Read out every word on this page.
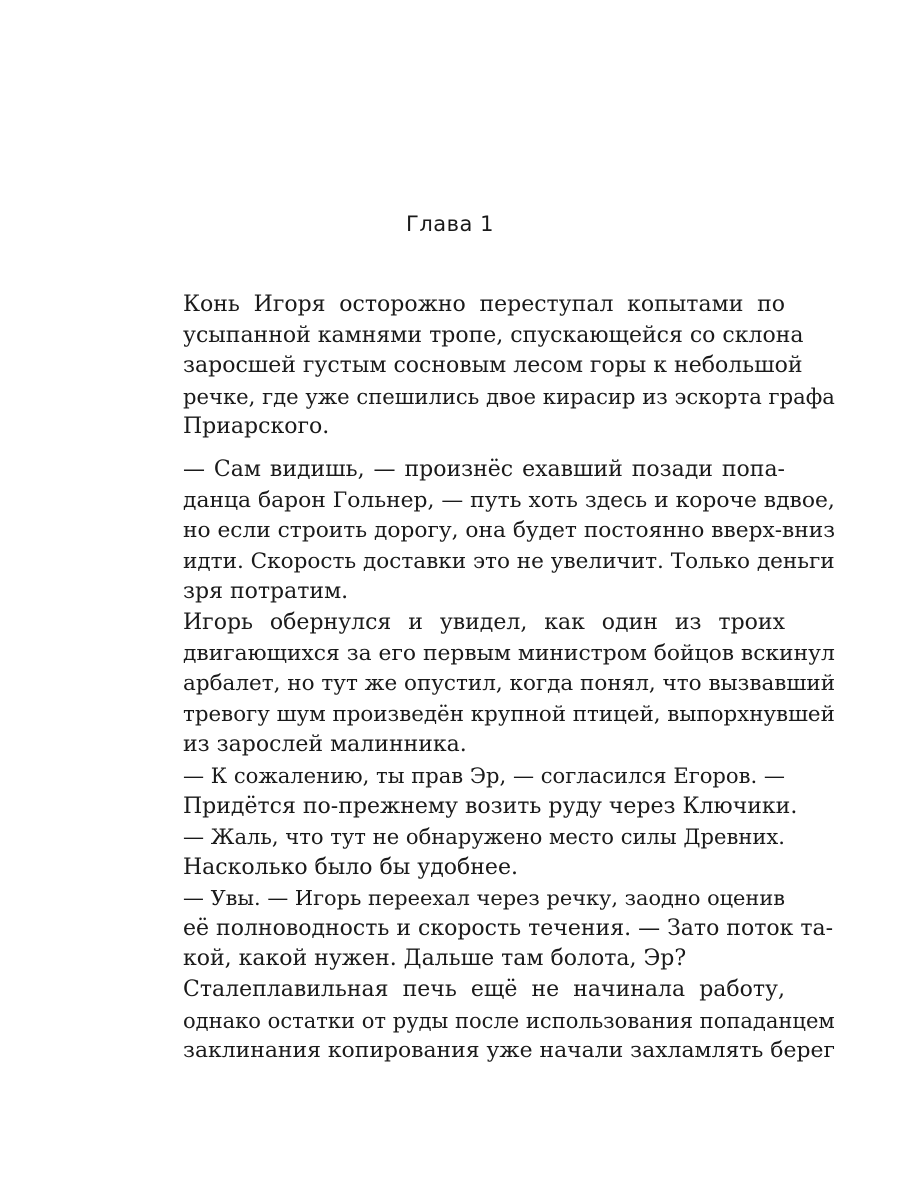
Глава 1

Конь Игоря осторожно переступал копытами по
усыпанной камнями тропе, спускающейся со склона
заросшей густым сосновым лесом горы к небольшой
речке, где уже спешились двое кирасир из эскорта графа
Приарского.

— Сам видишь, — произнёс ехавший позади попа-
данца барон Гольнер, — путь хоть здесь и короче вдвое,
но если строить дорогу, она будет постоянно вверх-вниз
идти. Скорость доставки это не увеличит. Только деньги
зря потратим.

Игорь обернулся и увидел, как один из троих
двигающихся за его первым министром бойцов вскинул
арбалет, но тут же опустил, когда понял, что вызвавший
тревогу шум произведён крупной птицей, выпорхнувшей
из зарослей малинника.

— К сожалению, ты прав Эр, — согласился Егоров. —
Придётся по-прежнему возить руду через Ключики.

— Жаль, что тут не обнаружено место силы Древних.
Насколько было бы удобнее.

— Увы. — Игорь переехал через речку, заодно оценив
её полноводность и скорость течения. — Зато поток та-
кой, какой нужен. Дальше там болота, Эр?

Сталеплавильная печь ещё не начинала работу,
однако остатки от руды после использования попаданцем
заклинания копирования уже начали захламлять берег
